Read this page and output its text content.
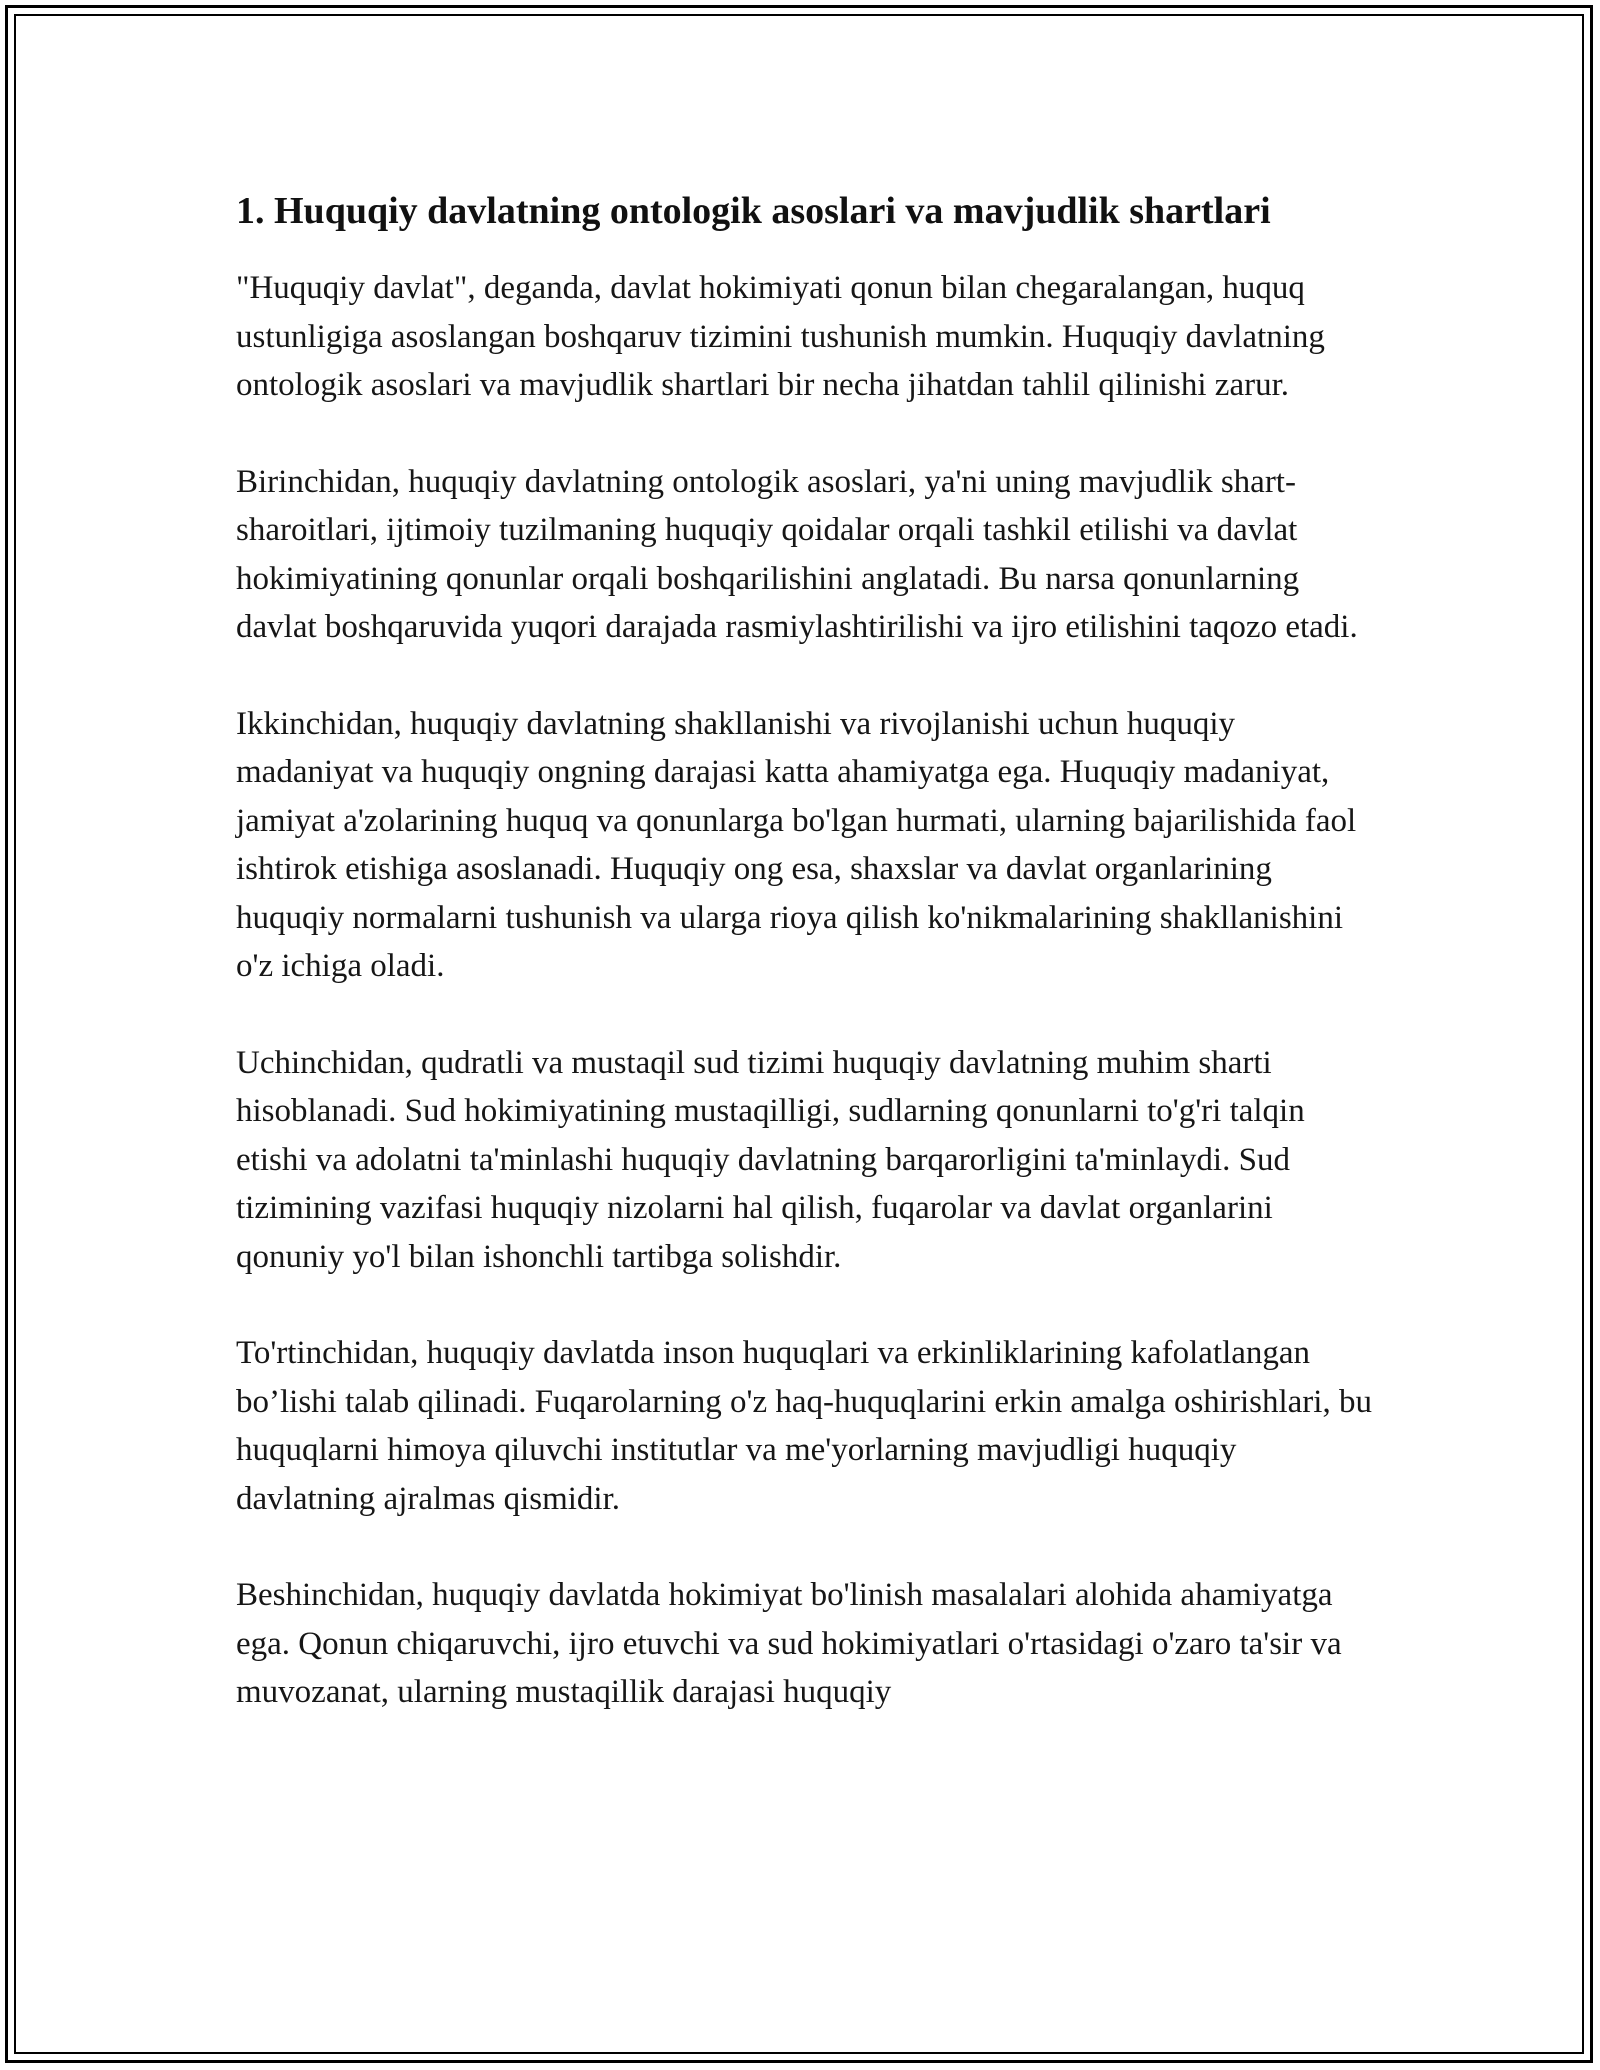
1. Huquqiy davlatning ontologik asoslari va mavjudlik shartlari

"Huquqiy davlat", deganda, davlat hokimiyati qonun bilan chegaralangan, huquq ustunligiga asoslangan boshqaruv tizimini tushunish mumkin. Huquqiy davlatning ontologik asoslari va mavjudlik shartlari bir necha jihatdan tahlil qilinishi zarur.

Birinchidan, huquqiy davlatning ontologik asoslari, ya'ni uning mavjudlik shart-sharoitlari, ijtimoiy tuzilmaning huquqiy qoidalar orqali tashkil etilishi va davlat hokimiyatining qonunlar orqali boshqarilishini anglatadi. Bu narsa qonunlarning davlat boshqaruvida yuqori darajada rasmiylashtirilishi va ijro etilishini taqozo etadi.

Ikkinchidan, huquqiy davlatning shakllanishi va rivojlanishi uchun huquqiy madaniyat va huquqiy ongning darajasi katta ahamiyatga ega. Huquqiy madaniyat, jamiyat a'zolarining huquq va qonunlarga bo'lgan hurmati, ularning bajarilishida faol ishtirok etishiga asoslanadi. Huquqiy ong esa, shaxslar va davlat organlarining huquqiy normalarni tushunish va ularga rioya qilish ko'nikmalarining shakllanishini o'z ichiga oladi.

Uchinchidan, qudratli va mustaqil sud tizimi huquqiy davlatning muhim sharti hisoblanadi. Sud hokimiyatining mustaqilligi, sudlarning qonunlarni to'g'ri talqin etishi va adolatni ta'minlashi huquqiy davlatning barqarorligini ta'minlaydi. Sud tizimining vazifasi huquqiy nizolarni hal qilish, fuqarolar va davlat organlarini qonuniy yo'l bilan ishonchli tartibga solishdir.

To'rtinchidan, huquqiy davlatda inson huquqlari va erkinliklarining kafolatlangan bo’lishi talab qilinadi. Fuqarolarning o'z haq-huquqlarini erkin amalga oshirishlari, bu huquqlarni himoya qiluvchi institutlar va me'yorlarning mavjudligi huquqiy davlatning ajralmas qismidir.

Beshinchidan, huquqiy davlatda hokimiyat bo'linish masalalari alohida ahamiyatga ega. Qonun chiqaruvchi, ijro etuvchi va sud hokimiyatlari o'rtasidagi o'zaro ta'sir va muvozanat, ularning mustaqillik darajasi huquqiy
